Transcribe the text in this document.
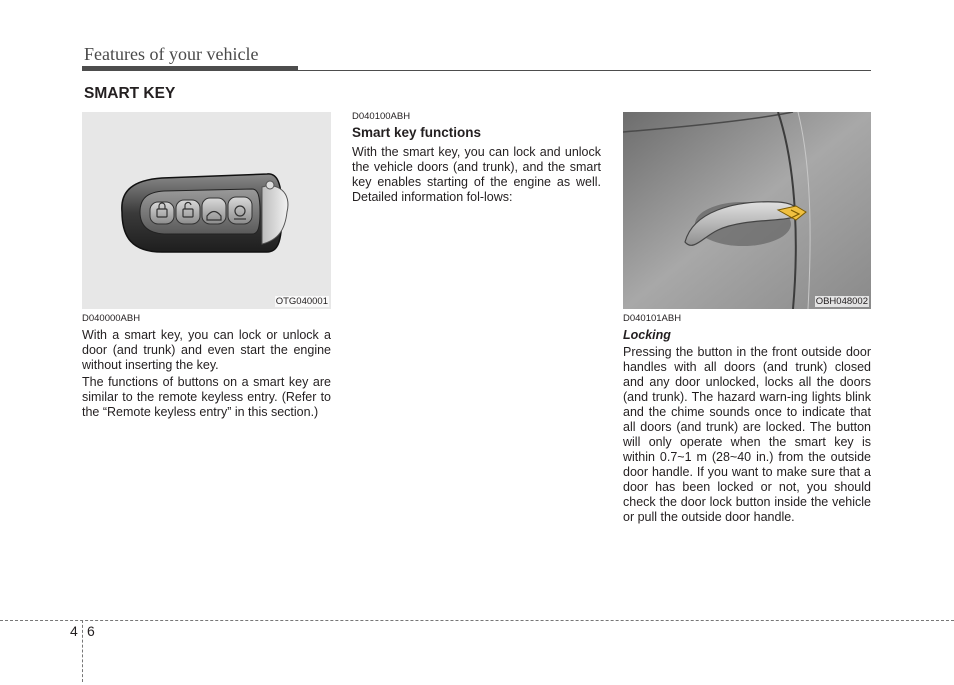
Features of your vehicle
SMART KEY
OTG040001
D040000ABH

With a smart key, you can lock or unlock a door (and trunk) and even start the engine without inserting the key.

The functions of buttons on a smart key are similar to the remote keyless entry. (Refer to the “Remote keyless entry” in this section.)

D040100ABH
Smart key functions

With the smart key, you can lock and unlock the vehicle doors (and trunk), and the smart key enables starting of the engine as well. Detailed information fol-lows:

OBH048002
D040101ABH
Locking

Pressing the button in the front outside door handles with all doors (and trunk) closed and any door unlocked, locks all the doors (and trunk). The hazard warn-ing lights blink and the chime sounds once to indicate that all doors (and trunk) are locked. The button will only operate when the smart key is within 0.7~1 m (28~40 in.) from the outside door handle. If you want to make sure that a door has been locked or not, you should check the door lock button inside the vehicle or pull the outside door handle.

4 6
